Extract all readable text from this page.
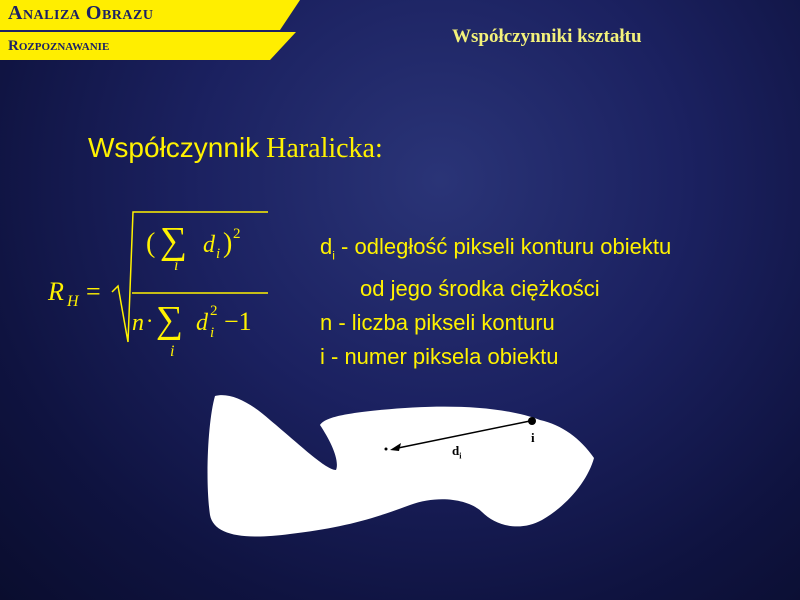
Analiza Obrazu
Rozpoznawanie	Współczynniki kształtu
Współczynnik Haralicka:
R H =
( ∑
i
d i ) 2
n · ∑
i
d i
2 −1
$d_i$ - odległość pikseli konturu obiektu
od jego środka ciężkości
n - liczba pikseli konturu
i - numer piksela obiektu
$d_i$
i
